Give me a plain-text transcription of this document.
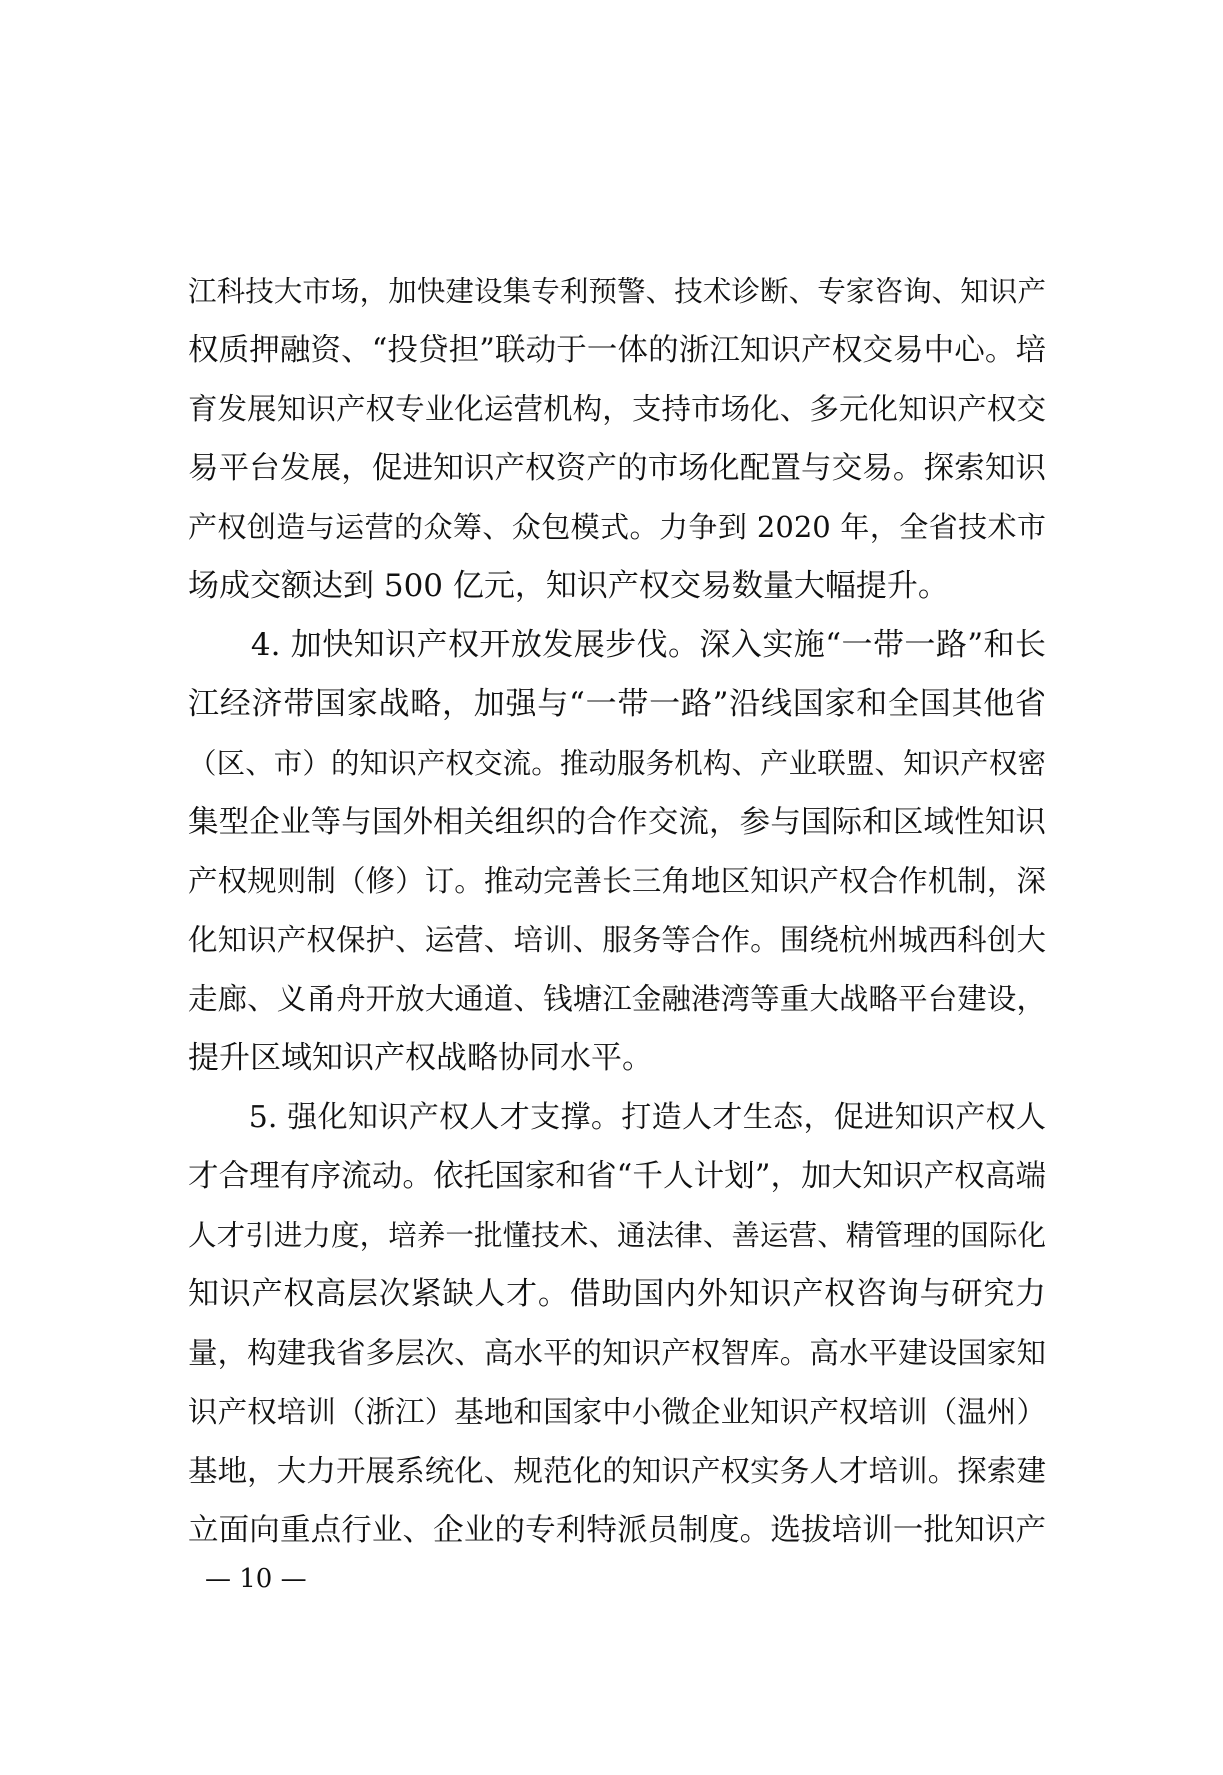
江科技大市场，加快建设集专利预警、技术诊断、专家咨询、知识产
权质押融资、“投贷担”联动于一体的浙江知识产权交易中心。培
育发展知识产权专业化运营机构，支持市场化、多元化知识产权交
易平台发展，促进知识产权资产的市场化配置与交易。探索知识
产权创造与运营的众筹、众包模式。力争到 2020 年，全省技术市
场成交额达到 500 亿元，知识产权交易数量大幅提升。
　　4. 加快知识产权开放发展步伐。深入实施“一带一路”和长
江经济带国家战略，加强与“一带一路”沿线国家和全国其他省
（区、市）的知识产权交流。推动服务机构、产业联盟、知识产权密
集型企业等与国外相关组织的合作交流，参与国际和区域性知识
产权规则制（修）订。推动完善长三角地区知识产权合作机制，深
化知识产权保护、运营、培训、服务等合作。围绕杭州城西科创大
走廊、义甬舟开放大通道、钱塘江金融港湾等重大战略平台建设，
提升区域知识产权战略协同水平。
　　5. 强化知识产权人才支撑。打造人才生态，促进知识产权人
才合理有序流动。依托国家和省“千人计划”，加大知识产权高端
人才引进力度，培养一批懂技术、通法律、善运营、精管理的国际化
知识产权高层次紧缺人才。借助国内外知识产权咨询与研究力
量，构建我省多层次、高水平的知识产权智库。高水平建设国家知
识产权培训（浙江）基地和国家中小微企业知识产权培训（温州）
基地，大力开展系统化、规范化的知识产权实务人才培训。探索建
立面向重点行业、企业的专利特派员制度。选拔培训一批知识产
— 10 —
